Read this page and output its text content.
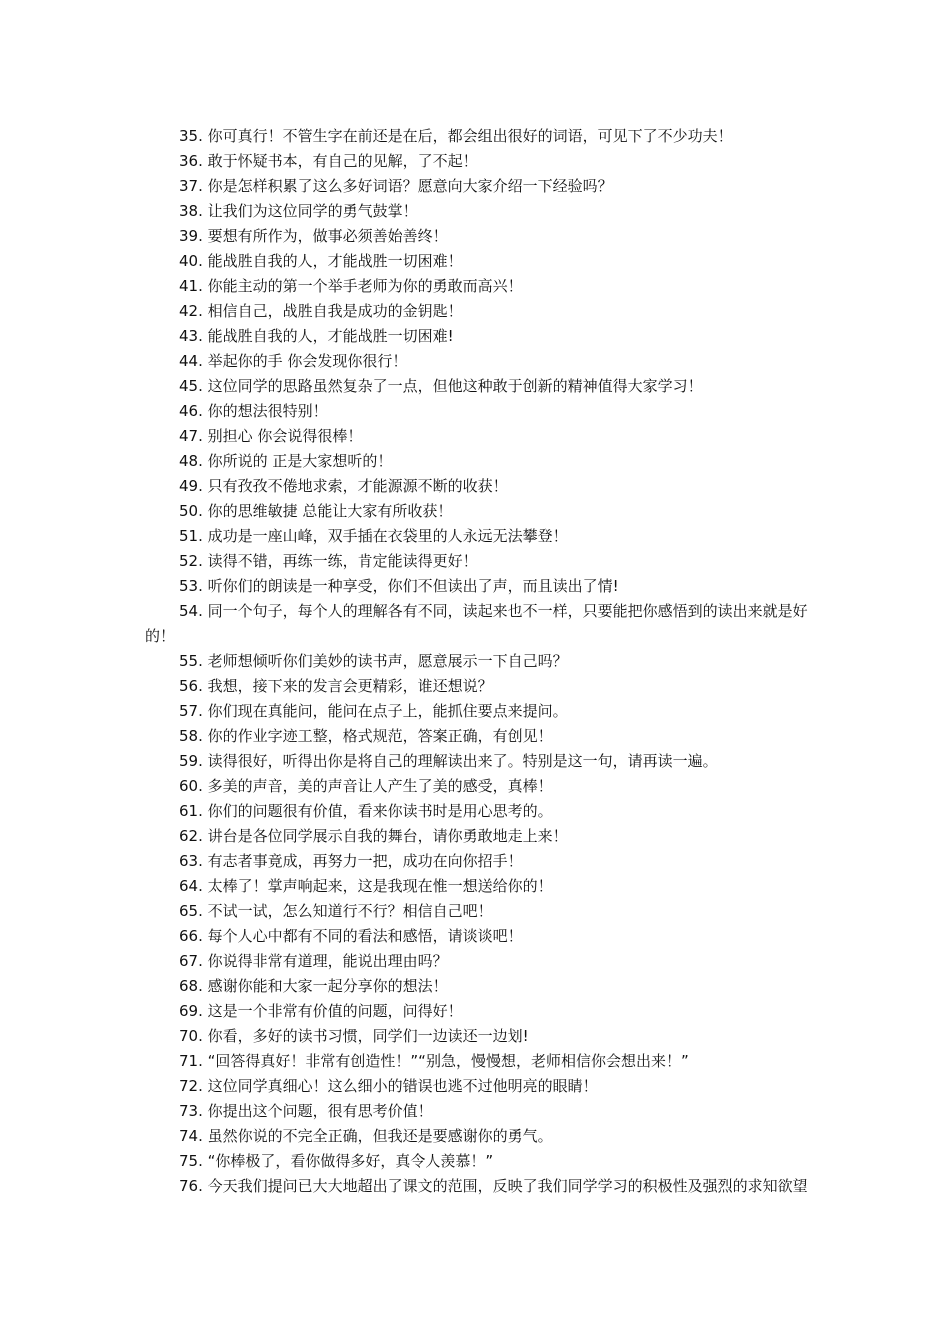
35. 你可真行！不管生字在前还是在后，都会组出很好的词语，可见下了不少功夫！

36. 敢于怀疑书本，有自己的见解，了不起！

37. 你是怎样积累了这么多好词语？愿意向大家介绍一下经验吗？

38. 让我们为这位同学的勇气鼓掌！

39. 要想有所作为，做事必须善始善终！

40. 能战胜自我的人，才能战胜一切困难！

41. 你能主动的第一个举手老师为你的勇敢而高兴！

42. 相信自己，战胜自我是成功的金钥匙！

43. 能战胜自我的人，才能战胜一切困难!

44. 举起你的手 你会发现你很行！

45. 这位同学的思路虽然复杂了一点，但他这种敢于创新的精神值得大家学习！

46. 你的想法很特别！

47. 别担心 你会说得很棒！

48. 你所说的 正是大家想听的！

49. 只有孜孜不倦地求索，才能源源不断的收获！

50. 你的思维敏捷 总能让大家有所收获！

51. 成功是一座山峰，双手插在衣袋里的人永远无法攀登！

52. 读得不错，再练一练，肯定能读得更好！

53. 听你们的朗读是一种享受，你们不但读出了声，而且读出了情!

54. 同一个句子，每个人的理解各有不同，读起来也不一样，只要能把你感悟到的读出来就是好的！

55. 老师想倾听你们美妙的读书声，愿意展示一下自己吗？

56. 我想，接下来的发言会更精彩，谁还想说？

57. 你们现在真能问，能问在点子上，能抓住要点来提问。

58. 你的作业字迹工整，格式规范，答案正确，有创见！

59. 读得很好，听得出你是将自己的理解读出来了。特别是这一句，请再读一遍。

60. 多美的声音，美的声音让人产生了美的感受，真棒！

61. 你们的问题很有价值，看来你读书时是用心思考的。

62. 讲台是各位同学展示自我的舞台，请你勇敢地走上来！

63. 有志者事竟成，再努力一把，成功在向你招手！

64. 太棒了！掌声响起来，这是我现在惟一想送给你的！

65. 不试一试，怎么知道行不行？相信自己吧！

66. 每个人心中都有不同的看法和感悟，请谈谈吧！

67. 你说得非常有道理，能说出理由吗？

68. 感谢你能和大家一起分享你的想法！

69. 这是一个非常有价值的问题，问得好！

70. 你看，多好的读书习惯，同学们一边读还一边划!

71. “回答得真好！非常有创造性！”“别急，慢慢想，老师相信你会想出来！”

72. 这位同学真细心！这么细小的错误也逃不过他明亮的眼睛！

73. 你提出这个问题，很有思考价值！

74. 虽然你说的不完全正确，但我还是要感谢你的勇气。

75. “你棒极了，看你做得多好，真令人羡慕！”

76. 今天我们提问已大大地超出了课文的范围，反映了我们同学学习的积极性及强烈的求知欲望
